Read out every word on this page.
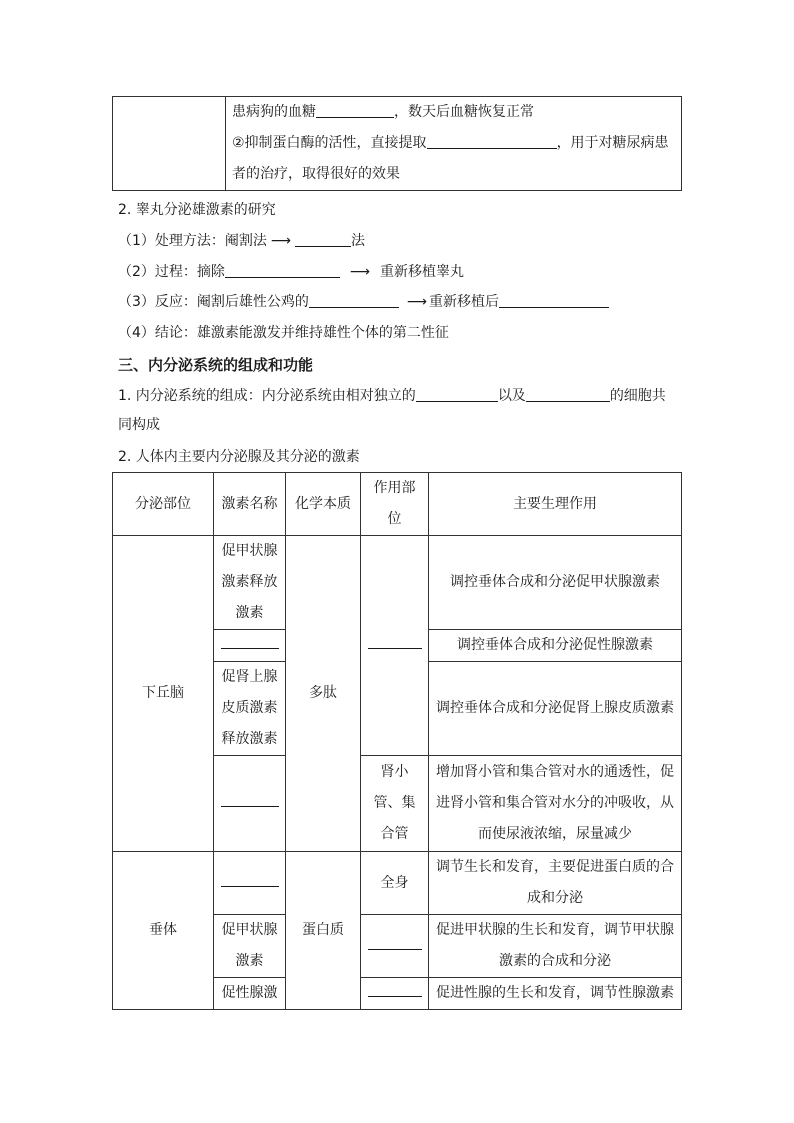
患病狗的血糖	，数天后血糖恢复正常
②抑制蛋白酶的活性，直接提取	，用于对糖尿病患
者的治疗，取得很好的效果
2. 睾丸分泌雄激素的研究
（1）处理方法：阉割法 ⟶	法
（2）过程：摘除	⟶ 重新移植睾丸
（3）反应：阉割后雄性公鸡的	⟶ 重新移植后
（4）结论：雄激素能激发并维持雄性个体的第二性征
三、内分泌系统的组成和功能
1. 内分泌系统的组成：内分泌系统由相对独立的	以及	的细胞共
同构成
2. 人体内主要内分泌腺及其分泌的激素
分泌部位	激素名称	化学本质	作用部位	主要生理作用
下丘脑	促甲状腺激素释放激素	多肽		调控垂体合成和分泌促甲状腺激素
				调控垂体合成和分泌促性腺激素
	促肾上腺皮质激素释放激素			调控垂体合成和分泌促肾上腺皮质激素
			肾小管、集合管	增加肾小管和集合管对水的通透性，促进肾小管和集合管对水分的冲吸收，从而使尿液浓缩，尿量减少
垂体		蛋白质	全身	调节生长和发育，主要促进蛋白质的合成和分泌
	促甲状腺激素			促进甲状腺的生长和发育，调节甲状腺激素的合成和分泌
	促性腺激			促进性腺的生长和发育，调节性腺激素
